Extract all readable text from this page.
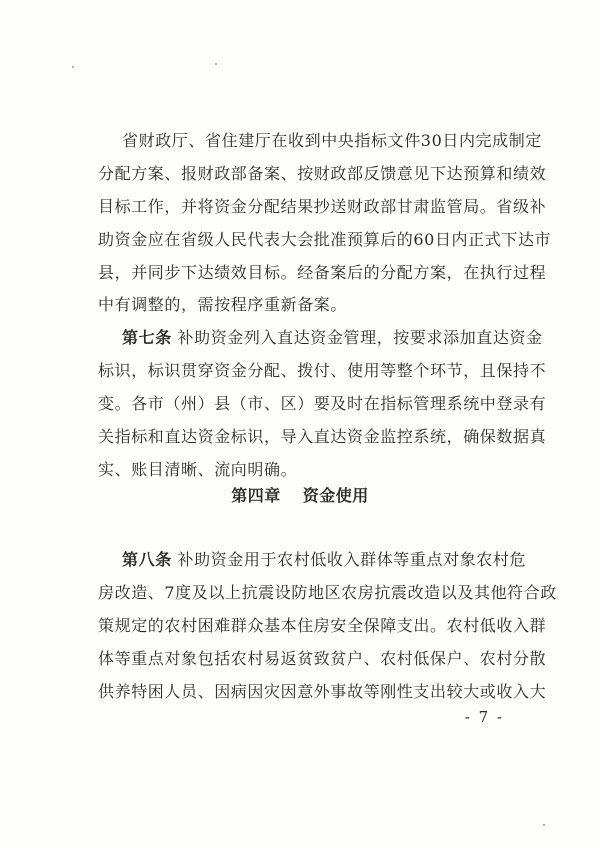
省财政厅、省住建厅在收到中央指标文件30日内完成制定
分配方案、报财政部备案、按财政部反馈意见下达预算和绩效
目标工作，并将资金分配结果抄送财政部甘肃监管局。省级补
助资金应在省级人民代表大会批准预算后的60日内正式下达市
县，并同步下达绩效目标。经备案后的分配方案，在执行过程
中有调整的，需按程序重新备案。
第七条 补助资金列入直达资金管理，按要求添加直达资金
标识，标识贯穿资金分配、拨付、使用等整个环节，且保持不
变。各市（州）县（市、区）要及时在指标管理系统中登录有
关指标和直达资金标识，导入直达资金监控系统，确保数据真
实、账目清晰、流向明确。
第四章 资金使用
第八条 补助资金用于农村低收入群体等重点对象农村危
房改造、7度及以上抗震设防地区农房抗震改造以及其他符合政
策规定的农村困难群众基本住房安全保障支出。农村低收入群
体等重点对象包括农村易返贫致贫户、农村低保户、农村分散
供养特困人员、因病因灾因意外事故等刚性支出较大或收入大
- 7 -
